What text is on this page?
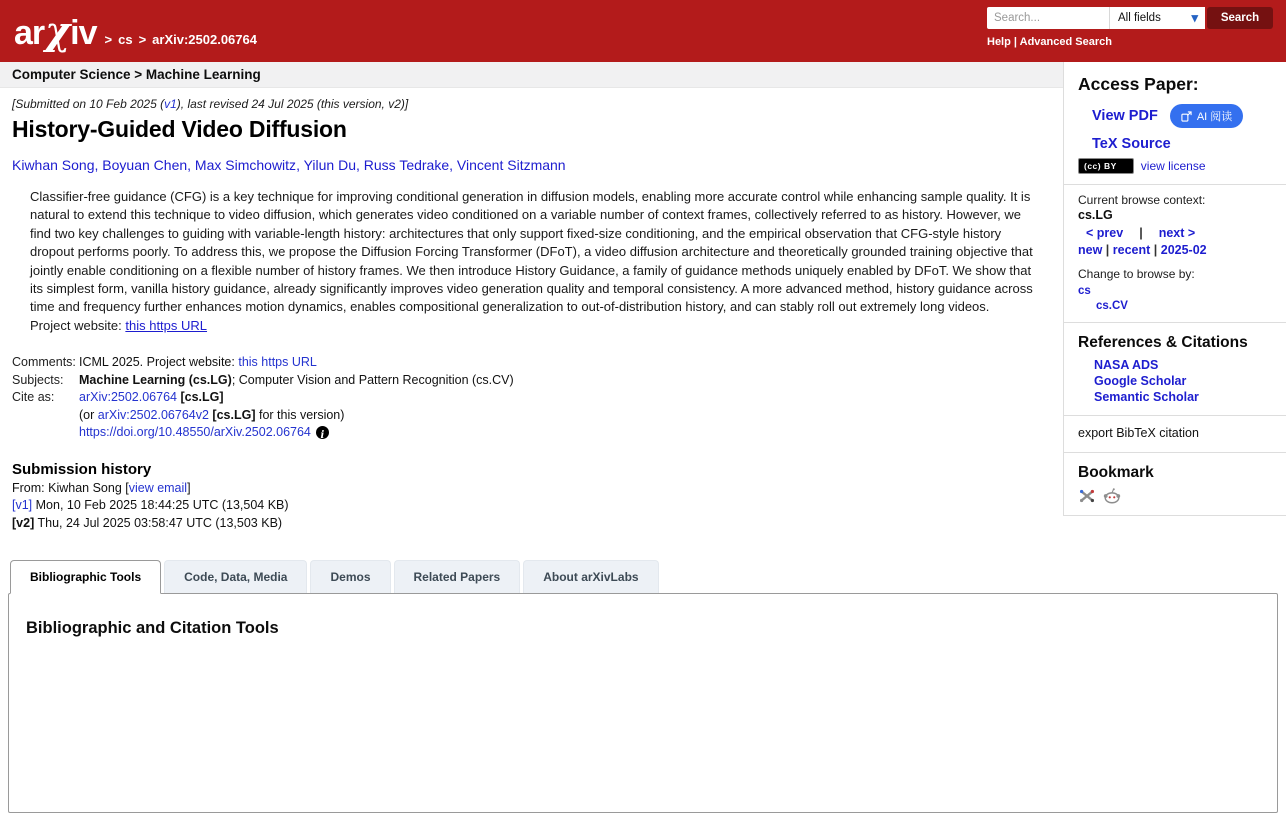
arχiv > cs > arXiv:2502.06764
Search...
All fields
▾	Search
Help | Advanced Search
Computer Science > Machine Learning
[Submitted on 10 Feb 2025 (v1), last revised 24 Jul 2025 (this version, v2)]
History-Guided Video Diffusion
Kiwhan Song, Boyuan Chen, Max Simchowitz, Yilun Du, Russ Tedrake, Vincent Sitzmann
Classifier-free guidance (CFG) is a key technique for improving conditional generation in diffusion models, enabling more accurate control while enhancing sample quality. It is natural to extend this technique to video diffusion, which generates video conditioned on a variable number of context frames, collectively referred to as history. However, we find two key challenges to guiding with variable-length history: architectures that only support fixed-size conditioning, and the empirical observation that CFG-style history dropout performs poorly. To address this, we propose the Diffusion Forcing Transformer (DFoT), a video diffusion architecture and theoretically grounded training objective that jointly enable conditioning on a flexible number of history frames. We then introduce History Guidance, a family of guidance methods uniquely enabled by DFoT. We show that its simplest form, vanilla history guidance, already significantly improves video generation quality and temporal consistency. A more advanced method, history guidance across time and frequency further enhances motion dynamics, enables compositional generalization to out-of-distribution history, and can stably roll out extremely long videos. Project website: this https URL
Comments: ICML 2025. Project website: this https URL
Subjects:	Machine Learning (cs.LG); Computer Vision and Pattern Recognition (cs.CV)
Cite as:	arXiv:2502.06764 [cs.LG]
(or arXiv:2502.06764v2 [cs.LG] for this version)
https://doi.org/10.48550/arXiv.2502.06764i
Submission history
From: Kiwhan Song [view email]
[v1] Mon, 10 Feb 2025 18:44:25 UTC (13,504 KB)
[v2] Thu, 24 Jul 2025 03:58:47 UTC (13,503 KB)
Access Paper:
View PDF	AI 阅读
TeX Source
(cc) BY	view license
Current browse context:
cs.LG
< prev | next >
new | recent | 2025-02
Change to browse by:
cs
cs.CV
References & Citations
NASA ADS
Google Scholar
Semantic Scholar
export BibTeX citation
Bookmark
Bibliographic Tools	Code, Data, Media	Demos	Related Papers	About arXivLabs
Bibliographic and Citation Tools
